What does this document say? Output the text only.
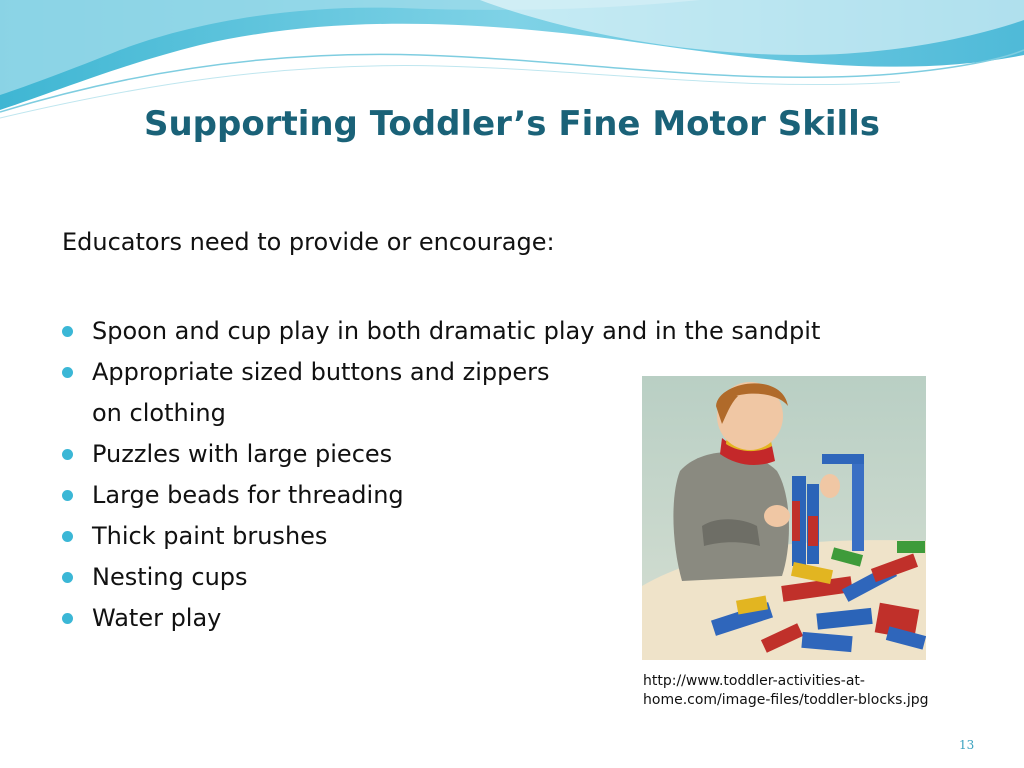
Supporting Toddler’s Fine Motor Skills
Educators need to provide or encourage:
Spoon and cup play in both dramatic play and in the sandpit
Appropriate sized buttons and zippers
on clothing
Puzzles with large pieces
Large beads for threading
Thick paint brushes
Nesting cups
Water play
http://www.toddler-activities-at-
home.com/image-files/toddler-blocks.jpg
13
